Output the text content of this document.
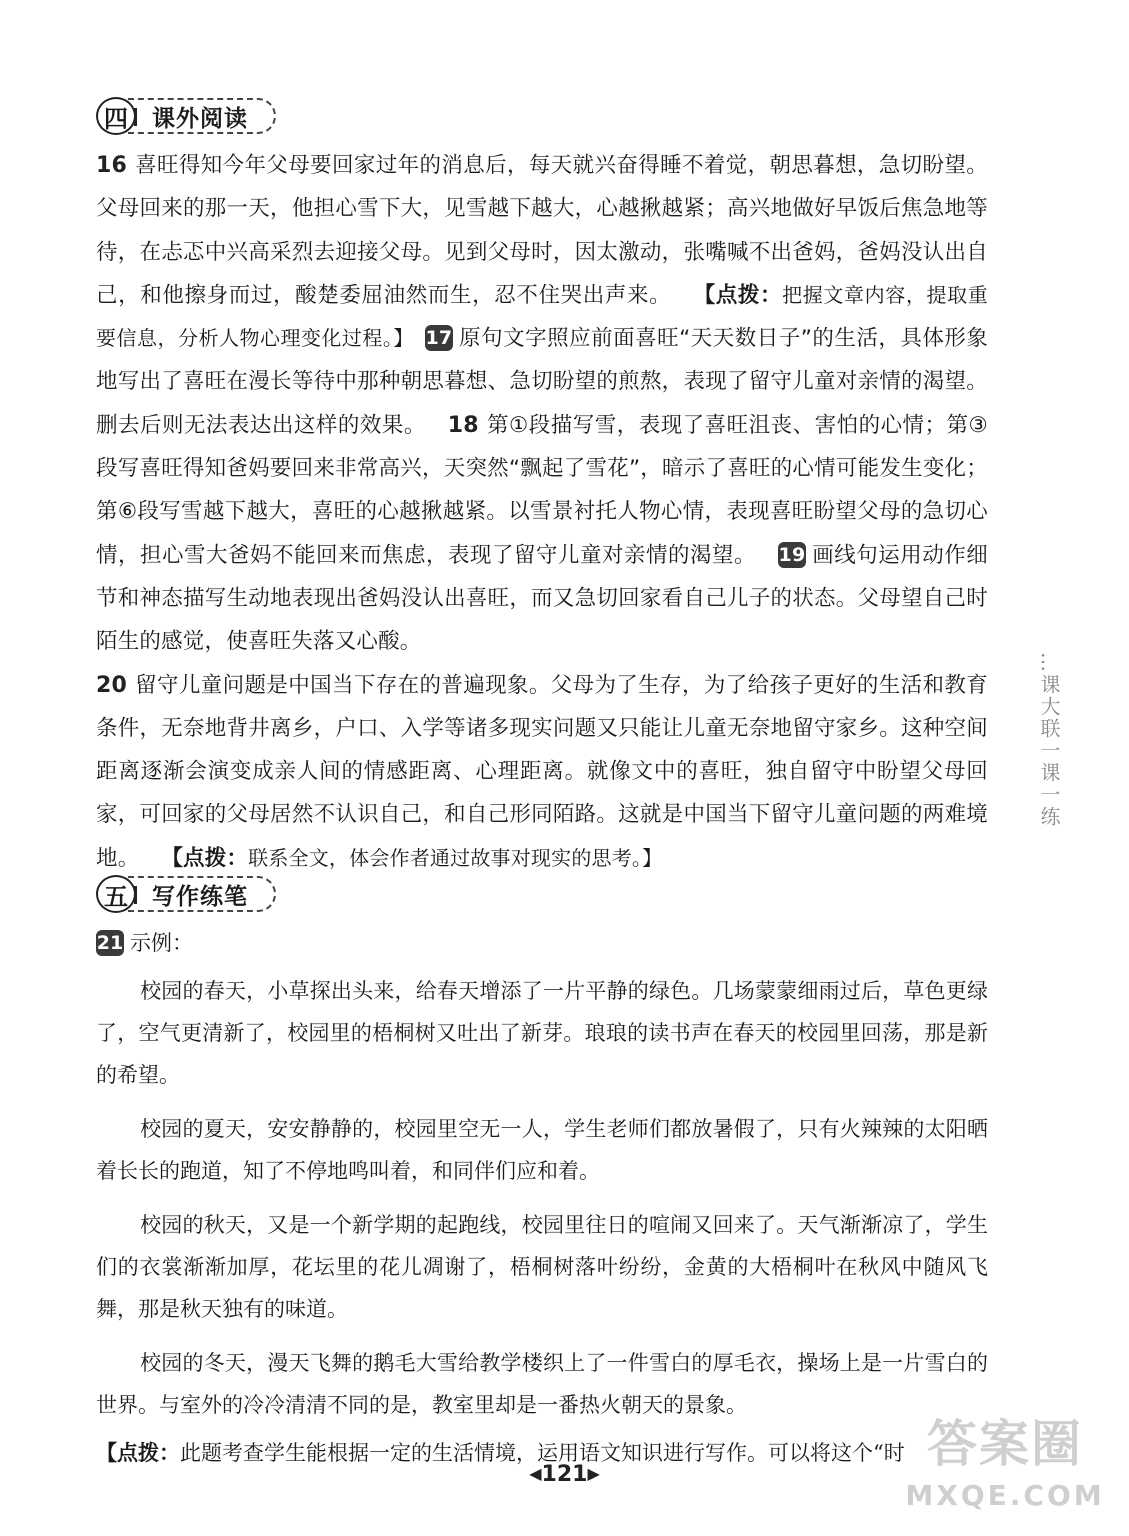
四	课外阅读
16 喜旺得知今年父母要回家过年的消息后，每天就兴奋得睡不着觉，朝思暮想，急切盼望。父母回来的那一天，他担心雪下大，见雪越下越大，心越揪越紧；高兴地做好早饭后焦急地等待，在忐忑中兴高采烈去迎接父母。见到父母时，因太激动，张嘴喊不出爸妈，爸妈没认出自己，和他擦身而过，酸楚委屈油然而生，忍不住哭出声来。   【点拨：把握文章内容，提取重要信息，分析人物心理变化过程。】  17 原句文字照应前面喜旺“天天数日子”的生活，具体形象地写出了喜旺在漫长等待中那种朝思暮想、急切盼望的煎熬，表现了留守儿童对亲情的渴望。删去后则无法表达出这样的效果。   18 第①段描写雪，表现了喜旺沮丧、害怕的心情；第③段写喜旺得知爸妈要回来非常高兴，天突然“飘起了雪花”，暗示了喜旺的心情可能发生变化；第⑥段写雪越下越大，喜旺的心越揪越紧。以雪景衬托人物心情，表现喜旺盼望父母的急切心情，担心雪大爸妈不能回来而焦虑，表现了留守儿童对亲情的渴望。   19 画线句运用动作细节和神态描写生动地表现出爸妈没认出喜旺，而又急切回家看自己儿子的状态。父母望自己时陌生的感觉，使喜旺失落又心酸。
20 留守儿童问题是中国当下存在的普遍现象。父母为了生存，为了给孩子更好的生活和教育条件，无奈地背井离乡，户口、入学等诸多现实问题又只能让儿童无奈地留守家乡。这种空间距离逐渐会演变成亲人间的情感距离、心理距离。就像文中的喜旺，独自留守中盼望父母回家，可回家的父母居然不认识自己，和自己形同陌路。这就是中国当下留守儿童问题的两难境地。   【点拨：联系全文，体会作者通过故事对现实的思考。】
五	写作练笔

21 示例：

校园的春天，小草探出头来，给春天增添了一片平静的绿色。几场蒙蒙细雨过后，草色更绿了，空气更清新了，校园里的梧桐树又吐出了新芽。琅琅的读书声在春天的校园里回荡，那是新的希望。

校园的夏天，安安静静的，校园里空无一人，学生老师们都放暑假了，只有火辣辣的太阳晒着长长的跑道，知了不停地鸣叫着，和同伴们应和着。

校园的秋天，又是一个新学期的起跑线，校园里往日的喧闹又回来了。天气渐渐凉了，学生们的衣裳渐渐加厚，花坛里的花儿凋谢了，梧桐树落叶纷纷，金黄的大梧桐叶在秋风中随风飞舞，那是秋天独有的味道。

校园的冬天，漫天飞舞的鹅毛大雪给教学楼织上了一件雪白的厚毛衣，操场上是一片雪白的世界。与室外的冷冷清清不同的是，教室里却是一番热火朝天的景象。

【点拨：此题考查学生能根据一定的生活情境，运用语文知识进行写作。可以将这个“时

…课大联一课一练
◀121▶
答案圈
MXQE.COM
